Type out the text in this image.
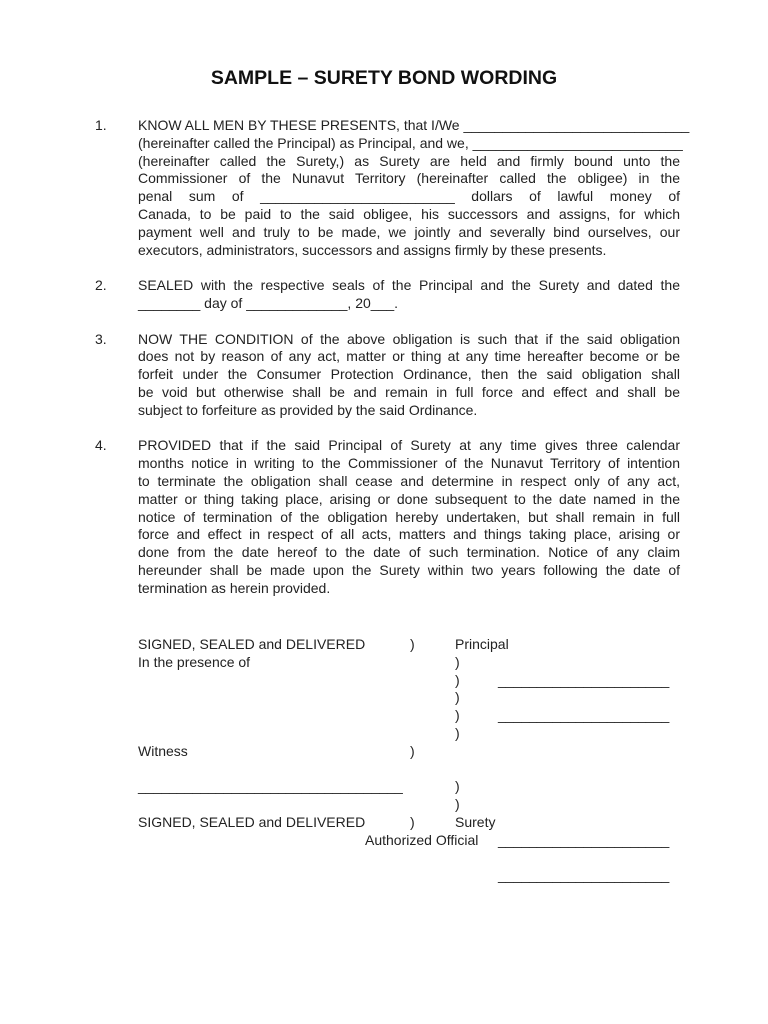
SAMPLE – SURETY BOND WORDING
1. KNOW ALL MEN BY THESE PRESENTS, that I/We _____________________________
(hereinafter called the Principal) as Principal, and we, ___________________________
(hereinafter called the Surety,) as Surety are held and firmly bound unto the
Commissioner of the Nunavut Territory (hereinafter called the obligee) in the
penal sum of _________________________ dollars of lawful money of
Canada, to be paid to the said obligee, his successors and assigns, for which
payment well and truly to be made, we jointly and severally bind ourselves, our
executors, administrators, successors and assigns firmly by these presents.
2. SEALED with the respective seals of the Principal and the Surety and dated the
________ day of _____________, 20___.
3. NOW THE CONDITION of the above obligation is such that if the said obligation
does not by reason of any act, matter or thing at any time hereafter become or be
forfeit under the Consumer Protection Ordinance, then the said obligation shall
be void but otherwise shall be and remain in full force and effect and shall be
subject to forfeiture as provided by the said Ordinance.
4. PROVIDED that if the said Principal of Surety at any time gives three calendar
months notice in writing to the Commissioner of the Nunavut Territory of intention
to terminate the obligation shall cease and determine in respect only of any act,
matter or thing taking place, arising or done subsequent to the date named in the
notice of termination of the obligation hereby undertaken, but shall remain in full
force and effect in respect of all acts, matters and things taking place, arising or
done from the date hereof to the date of such termination. Notice of any claim
hereunder shall be made upon the Surety within two years following the date of
termination as herein provided.
SIGNED, SEALED and DELIVERED	)	Principal
In the presence of	)
)	______________________
)
)	______________________
)
Witness	)
__________________________________	)
)
SIGNED, SEALED and DELIVERED	)	Surety
Authorized Official ______________________
______________________
